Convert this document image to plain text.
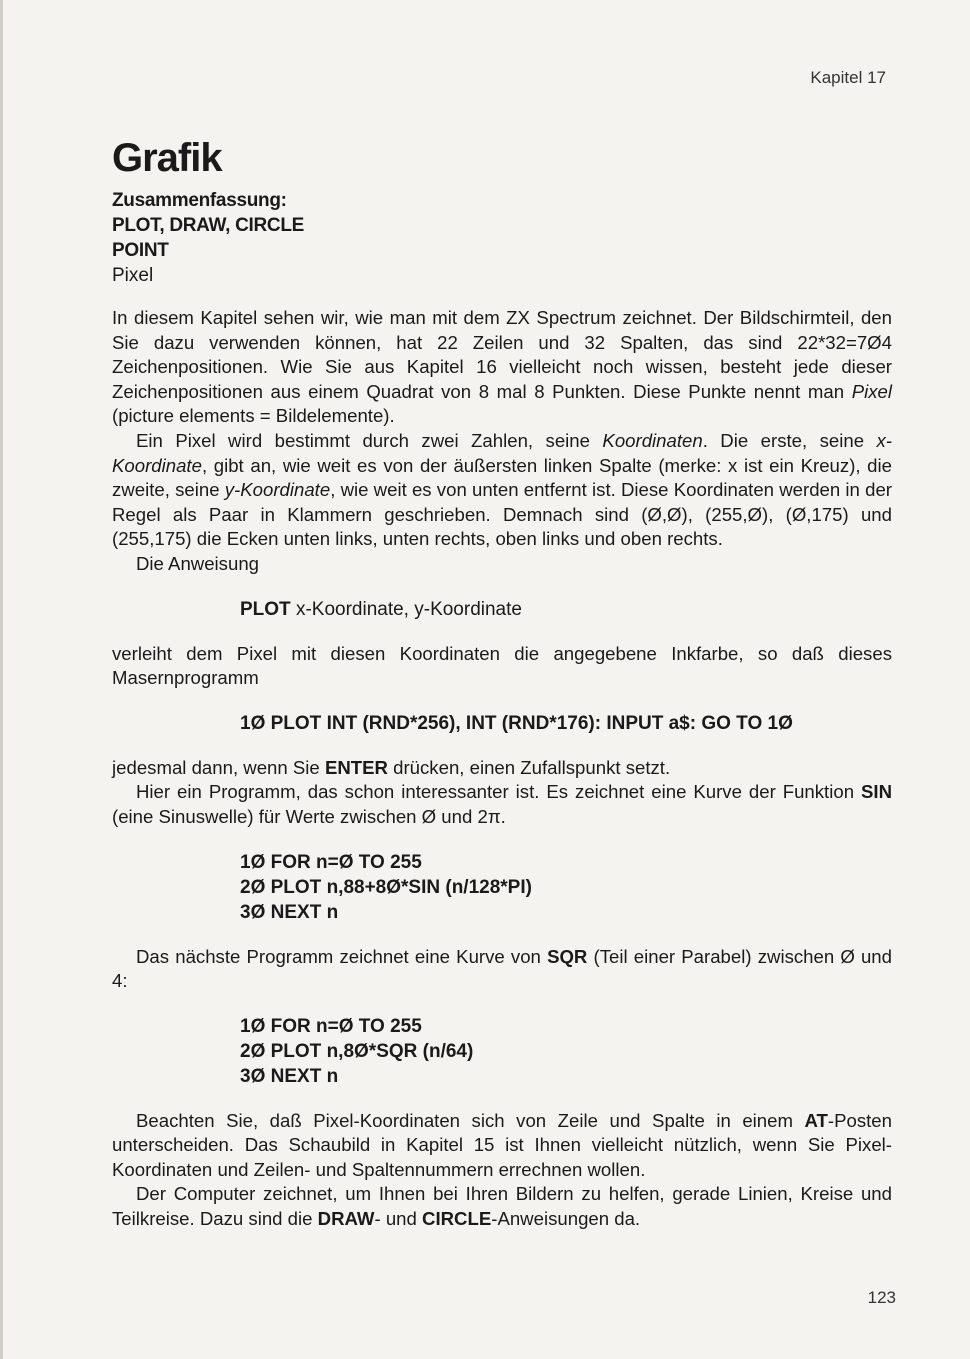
Kapitel 17
Grafik
Zusammenfassung:
PLOT, DRAW, CIRCLE
POINT
Pixel

In diesem Kapitel sehen wir, wie man mit dem ZX Spectrum zeichnet. Der Bildschirmteil, den Sie dazu verwenden können, hat 22 Zeilen und 32 Spalten, das sind 22*32=7Ø4 Zeichenpositionen. Wie Sie aus Kapitel 16 vielleicht noch wissen, besteht jede dieser Zeichenpositionen aus einem Quadrat von 8 mal 8 Punkten. Diese Punkte nennt man Pixel (picture elements = Bildelemente).

Ein Pixel wird bestimmt durch zwei Zahlen, seine Koordinaten. Die erste, seine x-Koordinate, gibt an, wie weit es von der äußersten linken Spalte (merke: x ist ein Kreuz), die zweite, seine y-Koordinate, wie weit es von unten entfernt ist. Diese Koordinaten werden in der Regel als Paar in Klammern geschrieben. Demnach sind (Ø,Ø), (255,Ø), (Ø,175) und (255,175) die Ecken unten links, unten rechts, oben links und oben rechts.

Die Anweisung

PLOT x-Koordinate, y-Koordinate

verleiht dem Pixel mit diesen Koordinaten die angegebene Inkfarbe, so daß dieses Masernprogramm

1Ø PLOT INT (RND*256), INT (RND*176): INPUT a$: GO TO 1Ø

jedesmal dann, wenn Sie ENTER drücken, einen Zufallspunkt setzt.

Hier ein Programm, das schon interessanter ist. Es zeichnet eine Kurve der Funktion SIN (eine Sinuswelle) für Werte zwischen Ø und 2π.

1Ø FOR n=Ø TO 255
2Ø PLOT n,88+8Ø*SIN (n/128*PI)
3Ø NEXT n

Das nächste Programm zeichnet eine Kurve von SQR (Teil einer Parabel) zwischen Ø und 4:

1Ø FOR n=Ø TO 255
2Ø PLOT n,8Ø*SQR (n/64)
3Ø NEXT n

Beachten Sie, daß Pixel-Koordinaten sich von Zeile und Spalte in einem AT-Posten unterscheiden. Das Schaubild in Kapitel 15 ist Ihnen vielleicht nützlich, wenn Sie Pixel-Koordinaten und Zeilen- und Spaltennummern errechnen wollen.

Der Computer zeichnet, um Ihnen bei Ihren Bildern zu helfen, gerade Linien, Kreise und Teilkreise. Dazu sind die DRAW- und CIRCLE-Anweisungen da.

123
